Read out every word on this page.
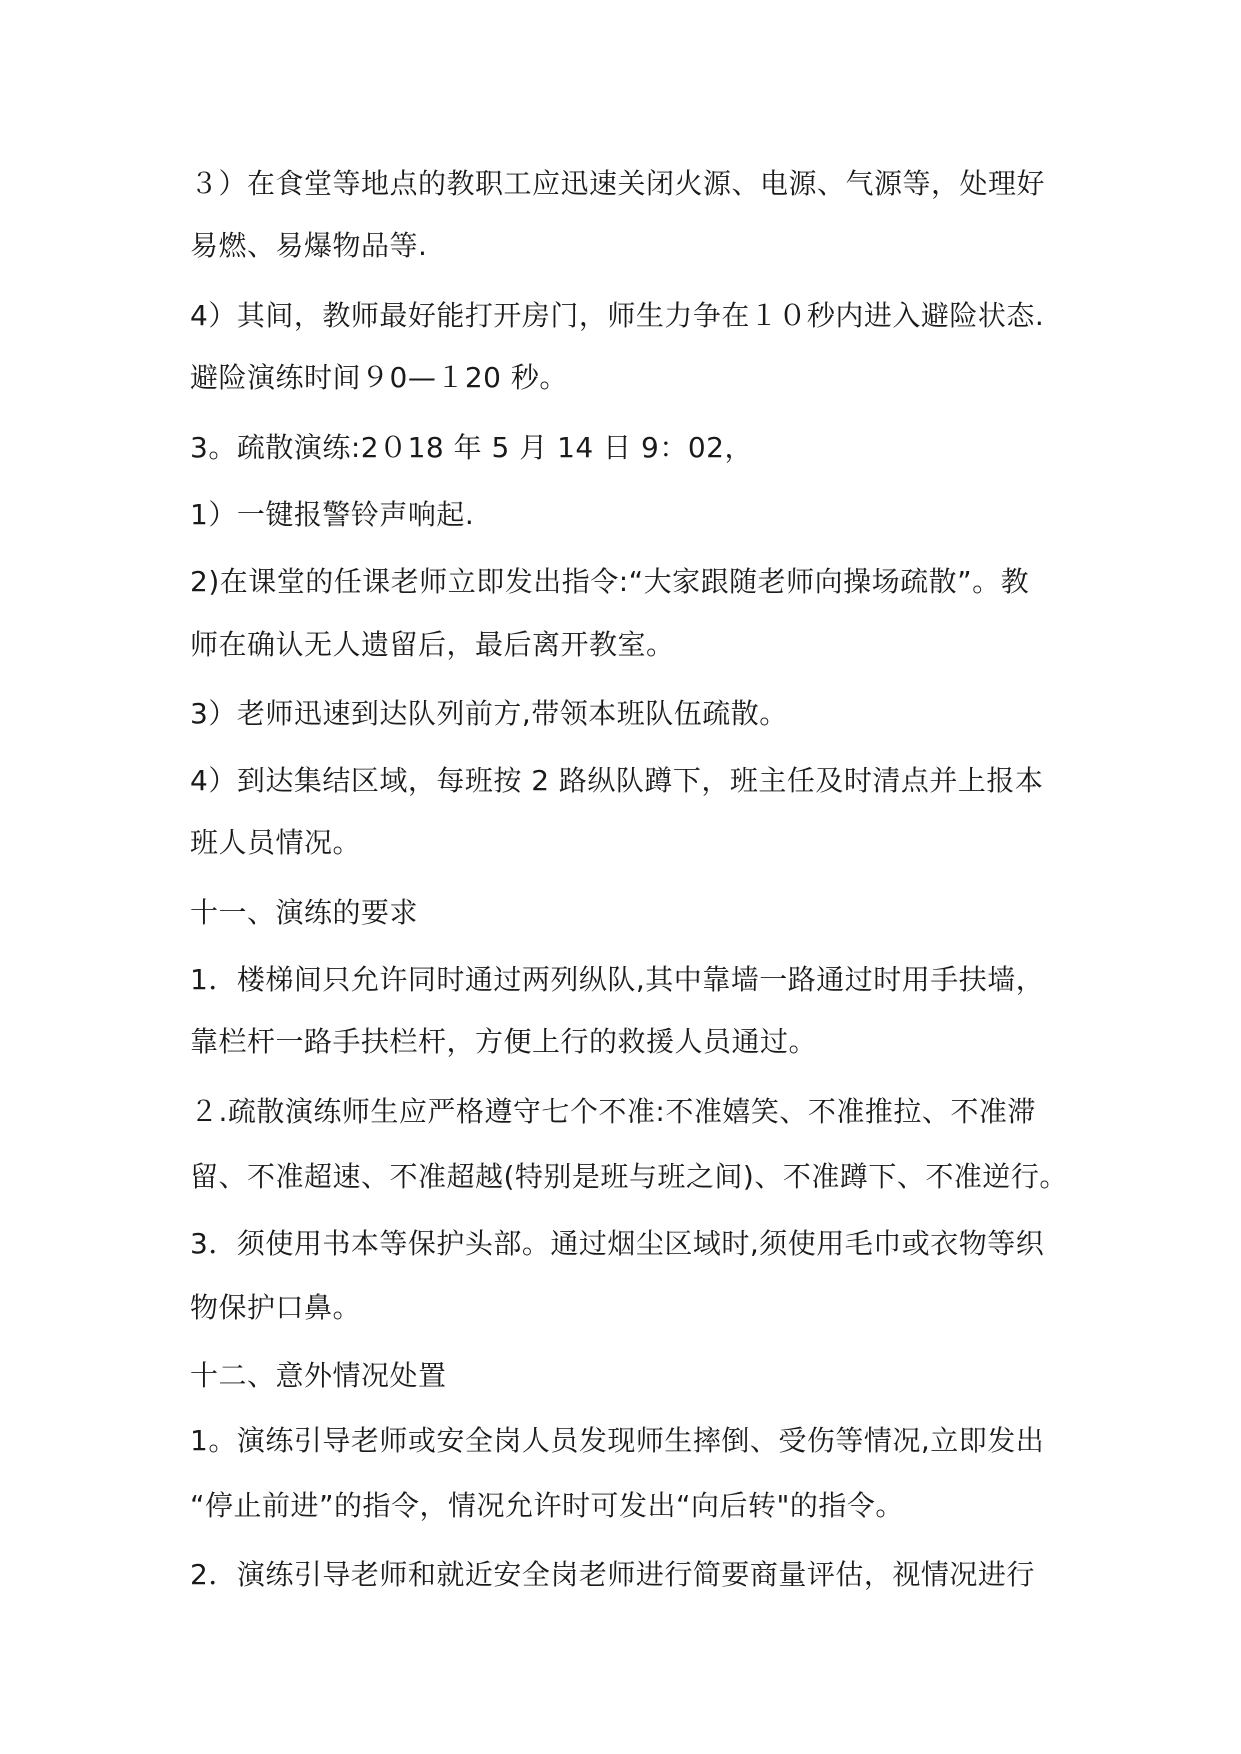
３）在食堂等地点的教职工应迅速关闭火源、电源、气源等，处理好
易燃、易爆物品等.
4）其间，教师最好能打开房门，师生力争在１０秒内进入避险状态.
避险演练时间９0—１20 秒。
3。疏散演练:2０18 年 5 月 14 日 9：02，
1）一键报警铃声响起.
2)在课堂的任课老师立即发出指令:“大家跟随老师向操场疏散”。教
师在确认无人遗留后，最后离开教室。
3）老师迅速到达队列前方,带领本班队伍疏散。
4）到达集结区域，每班按 2 路纵队蹲下，班主任及时清点并上报本
班人员情况。
十一、演练的要求
1．楼梯间只允许同时通过两列纵队,其中靠墙一路通过时用手扶墙，
靠栏杆一路手扶栏杆，方便上行的救援人员通过。
２.疏散演练师生应严格遵守七个不准:不准嬉笑、不准推拉、不准滞
留、不准超速、不准超越(特别是班与班之间)、不准蹲下、不准逆行。
3．须使用书本等保护头部。通过烟尘区域时,须使用毛巾或衣物等织
物保护口鼻。
十二、意外情况处置
1。演练引导老师或安全岗人员发现师生摔倒、受伤等情况,立即发出
“停止前进”的指令，情况允许时可发出“向后转"的指令。
2．演练引导老师和就近安全岗老师进行简要商量评估，视情况进行
